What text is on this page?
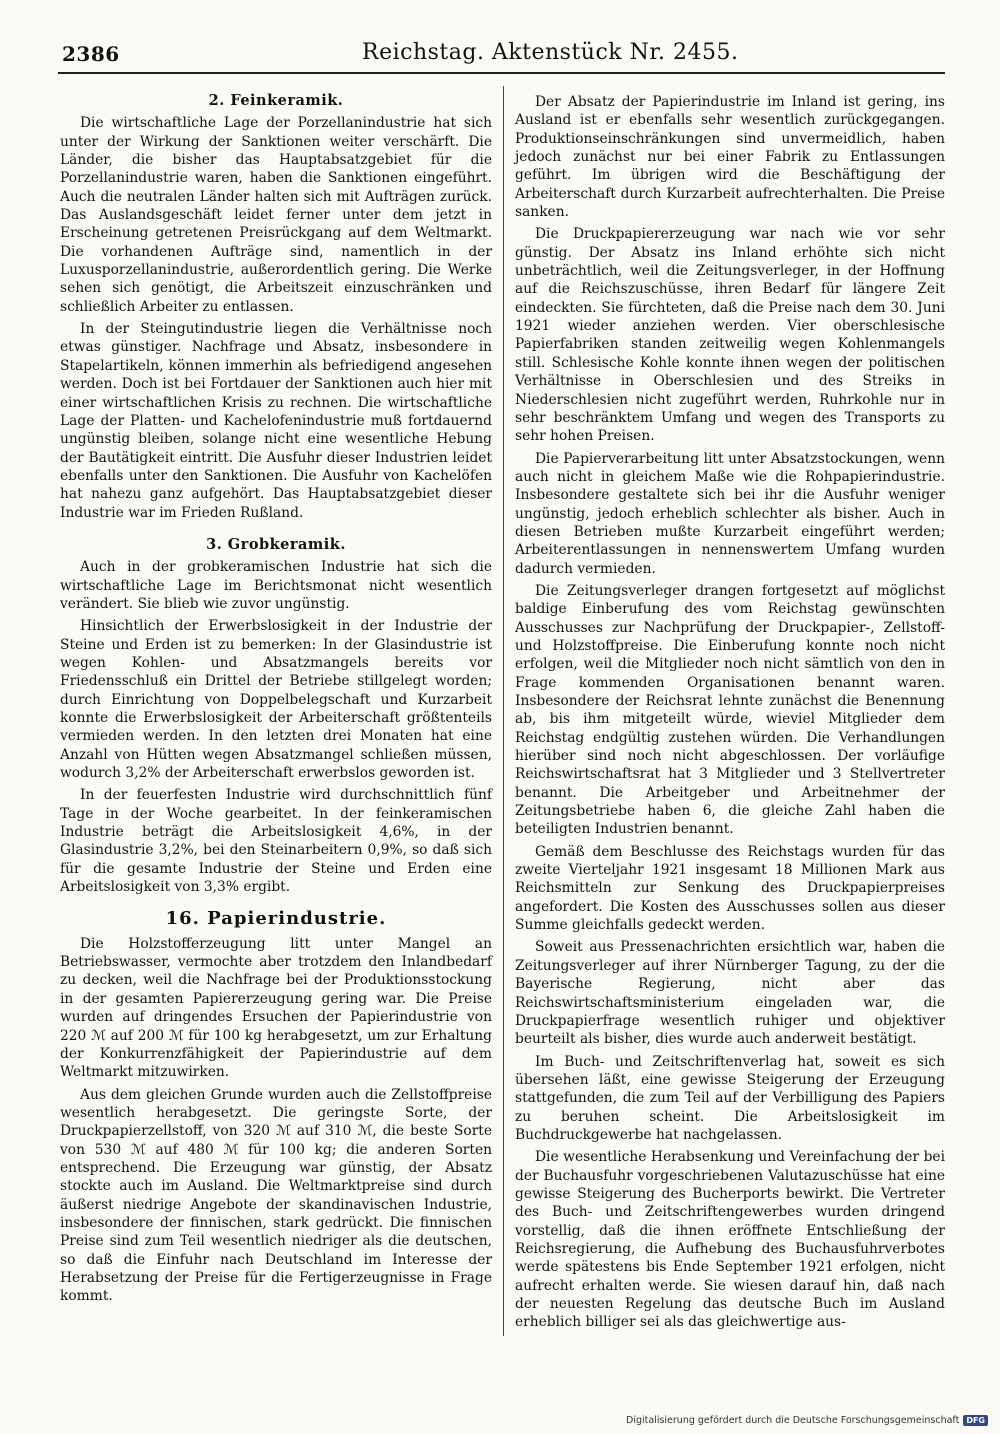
2386	Reichstag. Aktenstück Nr. 2455.
2. Feinkeramik.

Die wirtschaftliche Lage der Porzellanindustrie hat sich unter der Wirkung der Sanktionen weiter verschärft. Die Länder, die bisher das Hauptabsatzgebiet für die Porzellanindustrie waren, haben die Sanktionen eingeführt. Auch die neutralen Länder halten sich mit Aufträgen zurück. Das Auslandsgeschäft leidet ferner unter dem jetzt in Erscheinung getretenen Preisrückgang auf dem Weltmarkt. Die vorhandenen Aufträge sind, namentlich in der Luxusporzellanindustrie, außerordentlich gering. Die Werke sehen sich genötigt, die Arbeitszeit einzuschränken und schließlich Arbeiter zu entlassen.

In der Steingutindustrie liegen die Verhältnisse noch etwas günstiger. Nachfrage und Absatz, insbesondere in Stapelartikeln, können immerhin als befriedigend angesehen werden. Doch ist bei Fortdauer der Sanktionen auch hier mit einer wirtschaftlichen Krisis zu rechnen. Die wirtschaftliche Lage der Platten- und Kachelofenindustrie muß fortdauernd ungünstig bleiben, solange nicht eine wesentliche Hebung der Bautätigkeit eintritt. Die Ausfuhr dieser Industrien leidet ebenfalls unter den Sanktionen. Die Ausfuhr von Kachelöfen hat nahezu ganz aufgehört. Das Hauptabsatzgebiet dieser Industrie war im Frieden Rußland.

3. Grobkeramik.

Auch in der grobkeramischen Industrie hat sich die wirtschaftliche Lage im Berichtsmonat nicht wesentlich verändert. Sie blieb wie zuvor ungünstig.

Hinsichtlich der Erwerbslosigkeit in der Industrie der Steine und Erden ist zu bemerken: In der Glasindustrie ist wegen Kohlen- und Absatzmangels bereits vor Friedensschluß ein Drittel der Betriebe stillgelegt worden; durch Einrichtung von Doppelbelegschaft und Kurzarbeit konnte die Erwerbslosigkeit der Arbeiterschaft größtenteils vermieden werden. In den letzten drei Monaten hat eine Anzahl von Hütten wegen Absatzmangel schließen müssen, wodurch 3,2% der Arbeiterschaft erwerbslos geworden ist.

In der feuerfesten Industrie wird durchschnittlich fünf Tage in der Woche gearbeitet. In der feinkeramischen Industrie beträgt die Arbeitslosigkeit 4,6%, in der Glasindustrie 3,2%, bei den Steinarbeitern 0,9%, so daß sich für die gesamte Industrie der Steine und Erden eine Arbeitslosigkeit von 3,3% ergibt.

16. Papierindustrie.

Die Holzstofferzeugung litt unter Mangel an Betriebswasser, vermochte aber trotzdem den Inlandbedarf zu decken, weil die Nachfrage bei der Produktionsstockung in der gesamten Papiererzeugung gering war. Die Preise wurden auf dringendes Ersuchen der Papierindustrie von 220 ℳ auf 200 ℳ für 100 kg herabgesetzt, um zur Erhaltung der Konkurrenzfähigkeit der Papierindustrie auf dem Weltmarkt mitzuwirken.

Aus dem gleichen Grunde wurden auch die Zellstoffpreise wesentlich herabgesetzt. Die geringste Sorte, der Druckpapierzellstoff, von 320 ℳ auf 310 ℳ, die beste Sorte von 530 ℳ auf 480 ℳ für 100 kg; die anderen Sorten entsprechend. Die Erzeugung war günstig, der Absatz stockte auch im Ausland. Die Weltmarktpreise sind durch äußerst niedrige Angebote der skandinavischen Industrie, insbesondere der finnischen, stark gedrückt. Die finnischen Preise sind zum Teil wesentlich niedriger als die deutschen, so daß die Einfuhr nach Deutschland im Interesse der Herabsetzung der Preise für die Fertigerzeugnisse in Frage kommt.

Der Absatz der Papierindustrie im Inland ist gering, ins Ausland ist er ebenfalls sehr wesentlich zurückgegangen. Produktionseinschränkungen sind unvermeidlich, haben jedoch zunächst nur bei einer Fabrik zu Entlassungen geführt. Im übrigen wird die Beschäftigung der Arbeiterschaft durch Kurzarbeit aufrechterhalten. Die Preise sanken.

Die Druckpapiererzeugung war nach wie vor sehr günstig. Der Absatz ins Inland erhöhte sich nicht unbeträchtlich, weil die Zeitungsverleger, in der Hoffnung auf die Reichszuschüsse, ihren Bedarf für längere Zeit eindeckten. Sie fürchteten, daß die Preise nach dem 30. Juni 1921 wieder anziehen werden. Vier oberschlesische Papierfabriken standen zeitweilig wegen Kohlenmangels still. Schlesische Kohle konnte ihnen wegen der politischen Verhältnisse in Oberschlesien und des Streiks in Niederschlesien nicht zugeführt werden, Ruhrkohle nur in sehr beschränktem Umfang und wegen des Transports zu sehr hohen Preisen.

Die Papierverarbeitung litt unter Absatzstockungen, wenn auch nicht in gleichem Maße wie die Rohpapierindustrie. Insbesondere gestaltete sich bei ihr die Ausfuhr weniger ungünstig, jedoch erheblich schlechter als bisher. Auch in diesen Betrieben mußte Kurzarbeit eingeführt werden; Arbeiterentlassungen in nennenswertem Umfang wurden dadurch vermieden.

Die Zeitungsverleger drangen fortgesetzt auf möglichst baldige Einberufung des vom Reichstag gewünschten Ausschusses zur Nachprüfung der Druckpapier-, Zellstoff- und Holzstoffpreise. Die Einberufung konnte noch nicht erfolgen, weil die Mitglieder noch nicht sämtlich von den in Frage kommenden Organisationen benannt waren. Insbesondere der Reichsrat lehnte zunächst die Benennung ab, bis ihm mitgeteilt würde, wieviel Mitglieder dem Reichstag endgültig zustehen würden. Die Verhandlungen hierüber sind noch nicht abgeschlossen. Der vorläufige Reichswirtschaftsrat hat 3 Mitglieder und 3 Stellvertreter benannt. Die Arbeitgeber und Arbeitnehmer der Zeitungsbetriebe haben 6, die gleiche Zahl haben die beteiligten Industrien benannt.

Gemäß dem Beschlusse des Reichstags wurden für das zweite Vierteljahr 1921 insgesamt 18 Millionen Mark aus Reichsmitteln zur Senkung des Druckpapierpreises angefordert. Die Kosten des Ausschusses sollen aus dieser Summe gleichfalls gedeckt werden.

Soweit aus Pressenachrichten ersichtlich war, haben die Zeitungsverleger auf ihrer Nürnberger Tagung, zu der die Bayerische Regierung, nicht aber das Reichswirtschaftsministerium eingeladen war, die Druckpapierfrage wesentlich ruhiger und objektiver beurteilt als bisher, dies wurde auch anderweit bestätigt.

Im Buch- und Zeitschriftenverlag hat, soweit es sich übersehen läßt, eine gewisse Steigerung der Erzeugung stattgefunden, die zum Teil auf der Verbilligung des Papiers zu beruhen scheint. Die Arbeitslosigkeit im Buchdruckgewerbe hat nachgelassen.

Die wesentliche Herabsenkung und Vereinfachung der bei der Buchausfuhr vorgeschriebenen Valutazuschüsse hat eine gewisse Steigerung des Bucherports bewirkt. Die Vertreter des Buch- und Zeitschriftengewerbes wurden dringend vorstellig, daß die ihnen eröffnete Entschließung der Reichsregierung, die Aufhebung des Buchausfuhrverbotes werde spätestens bis Ende September 1921 erfolgen, nicht aufrecht erhalten werde. Sie wiesen darauf hin, daß nach der neuesten Regelung das deutsche Buch im Ausland erheblich billiger sei als das gleichwertige aus-

Digitalisierung gefördert durch die Deutsche Forschungsgemeinschaft DFG
